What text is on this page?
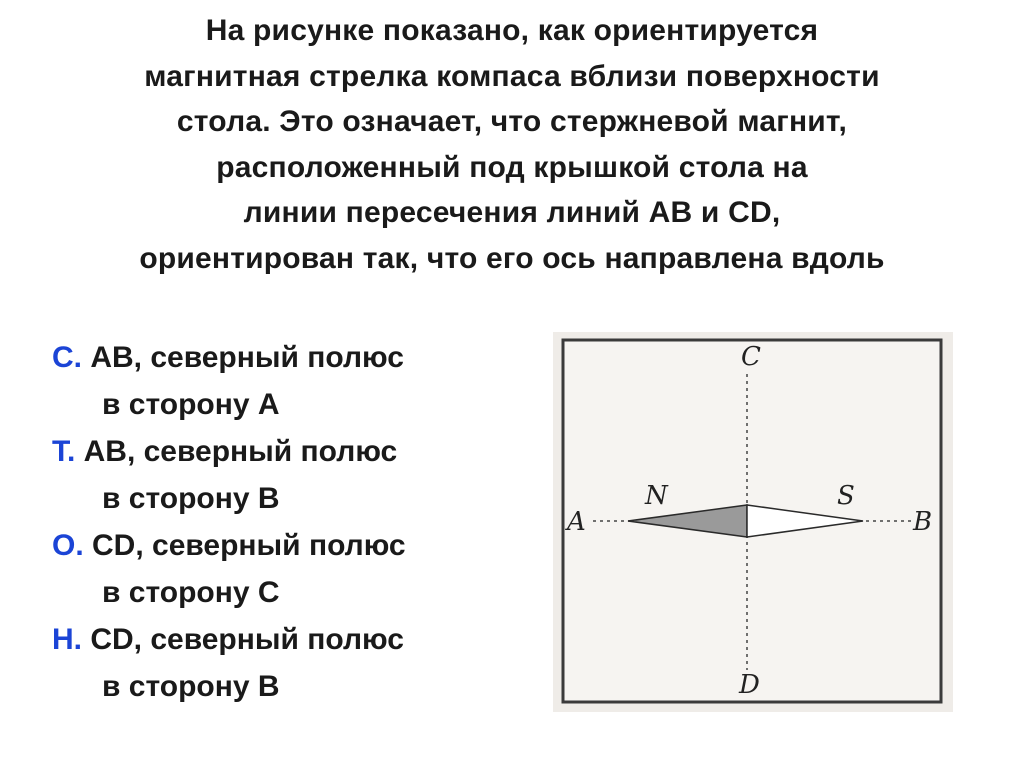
На рисунке показано, как ориентируется
магнитная стрелка компаса вблизи поверхности
стола. Это означает, что стержневой магнит,
расположенный под крышкой стола на
линии пересечения линий АВ и CD,
ориентирован так, что его ось направлена вдоль
С. АВ, северный полюс
в сторону А
Т. АВ, северный полюс
в сторону В
О. CD, северный полюс
в сторону С
Н. CD, северный полюс
в сторону В
C
D
A	B
N	S
